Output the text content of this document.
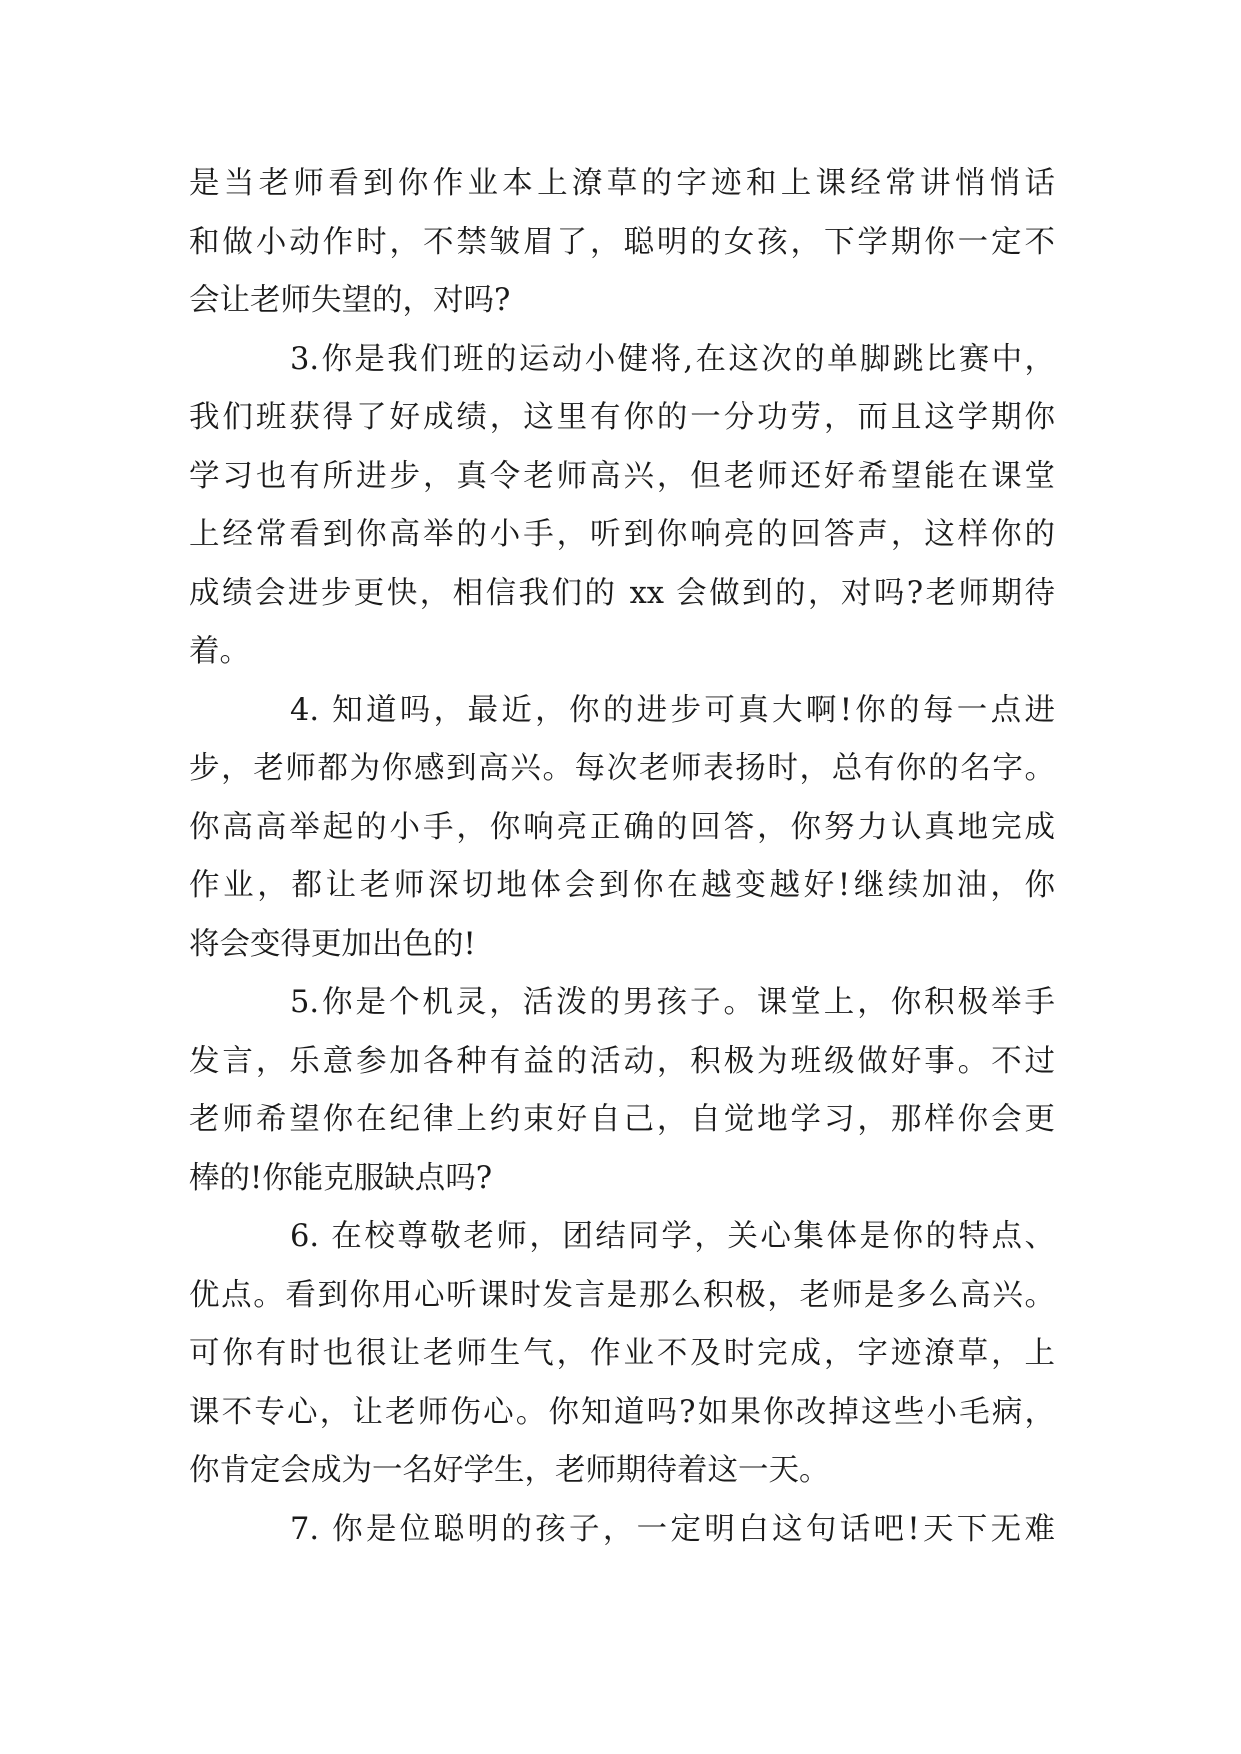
是当老师看到你作业本上潦草的字迹和上课经常讲悄悄话

和做小动作时，不禁皱眉了，聪明的女孩，下学期你一定不

会让老师失望的，对吗?

3.你是我们班的运动小健将,在这次的单脚跳比赛中，

我们班获得了好成绩，这里有你的一分功劳，而且这学期你

学习也有所进步，真令老师高兴，但老师还好希望能在课堂

上经常看到你高举的小手，听到你响亮的回答声，这样你的

成绩会进步更快，相信我们的 xx 会做到的，对吗?老师期待

着。

4. 知道吗，最近，你的进步可真大啊!你的每一点进

步，老师都为你感到高兴。每次老师表扬时，总有你的名字。

你高高举起的小手，你响亮正确的回答，你努力认真地完成

作业，都让老师深切地体会到你在越变越好!继续加油，你

将会变得更加出色的!

5.你是个机灵，活泼的男孩子。课堂上，你积极举手

发言，乐意参加各种有益的活动，积极为班级做好事。不过

老师希望你在纪律上约束好自己，自觉地学习，那样你会更

棒的!你能克服缺点吗?

6. 在校尊敬老师，团结同学，关心集体是你的特点、

优点。看到你用心听课时发言是那么积极，老师是多么高兴。

可你有时也很让老师生气，作业不及时完成，字迹潦草，上

课不专心，让老师伤心。你知道吗?如果你改掉这些小毛病，

你肯定会成为一名好学生，老师期待着这一天。

7. 你是位聪明的孩子，一定明白这句话吧!天下无难
